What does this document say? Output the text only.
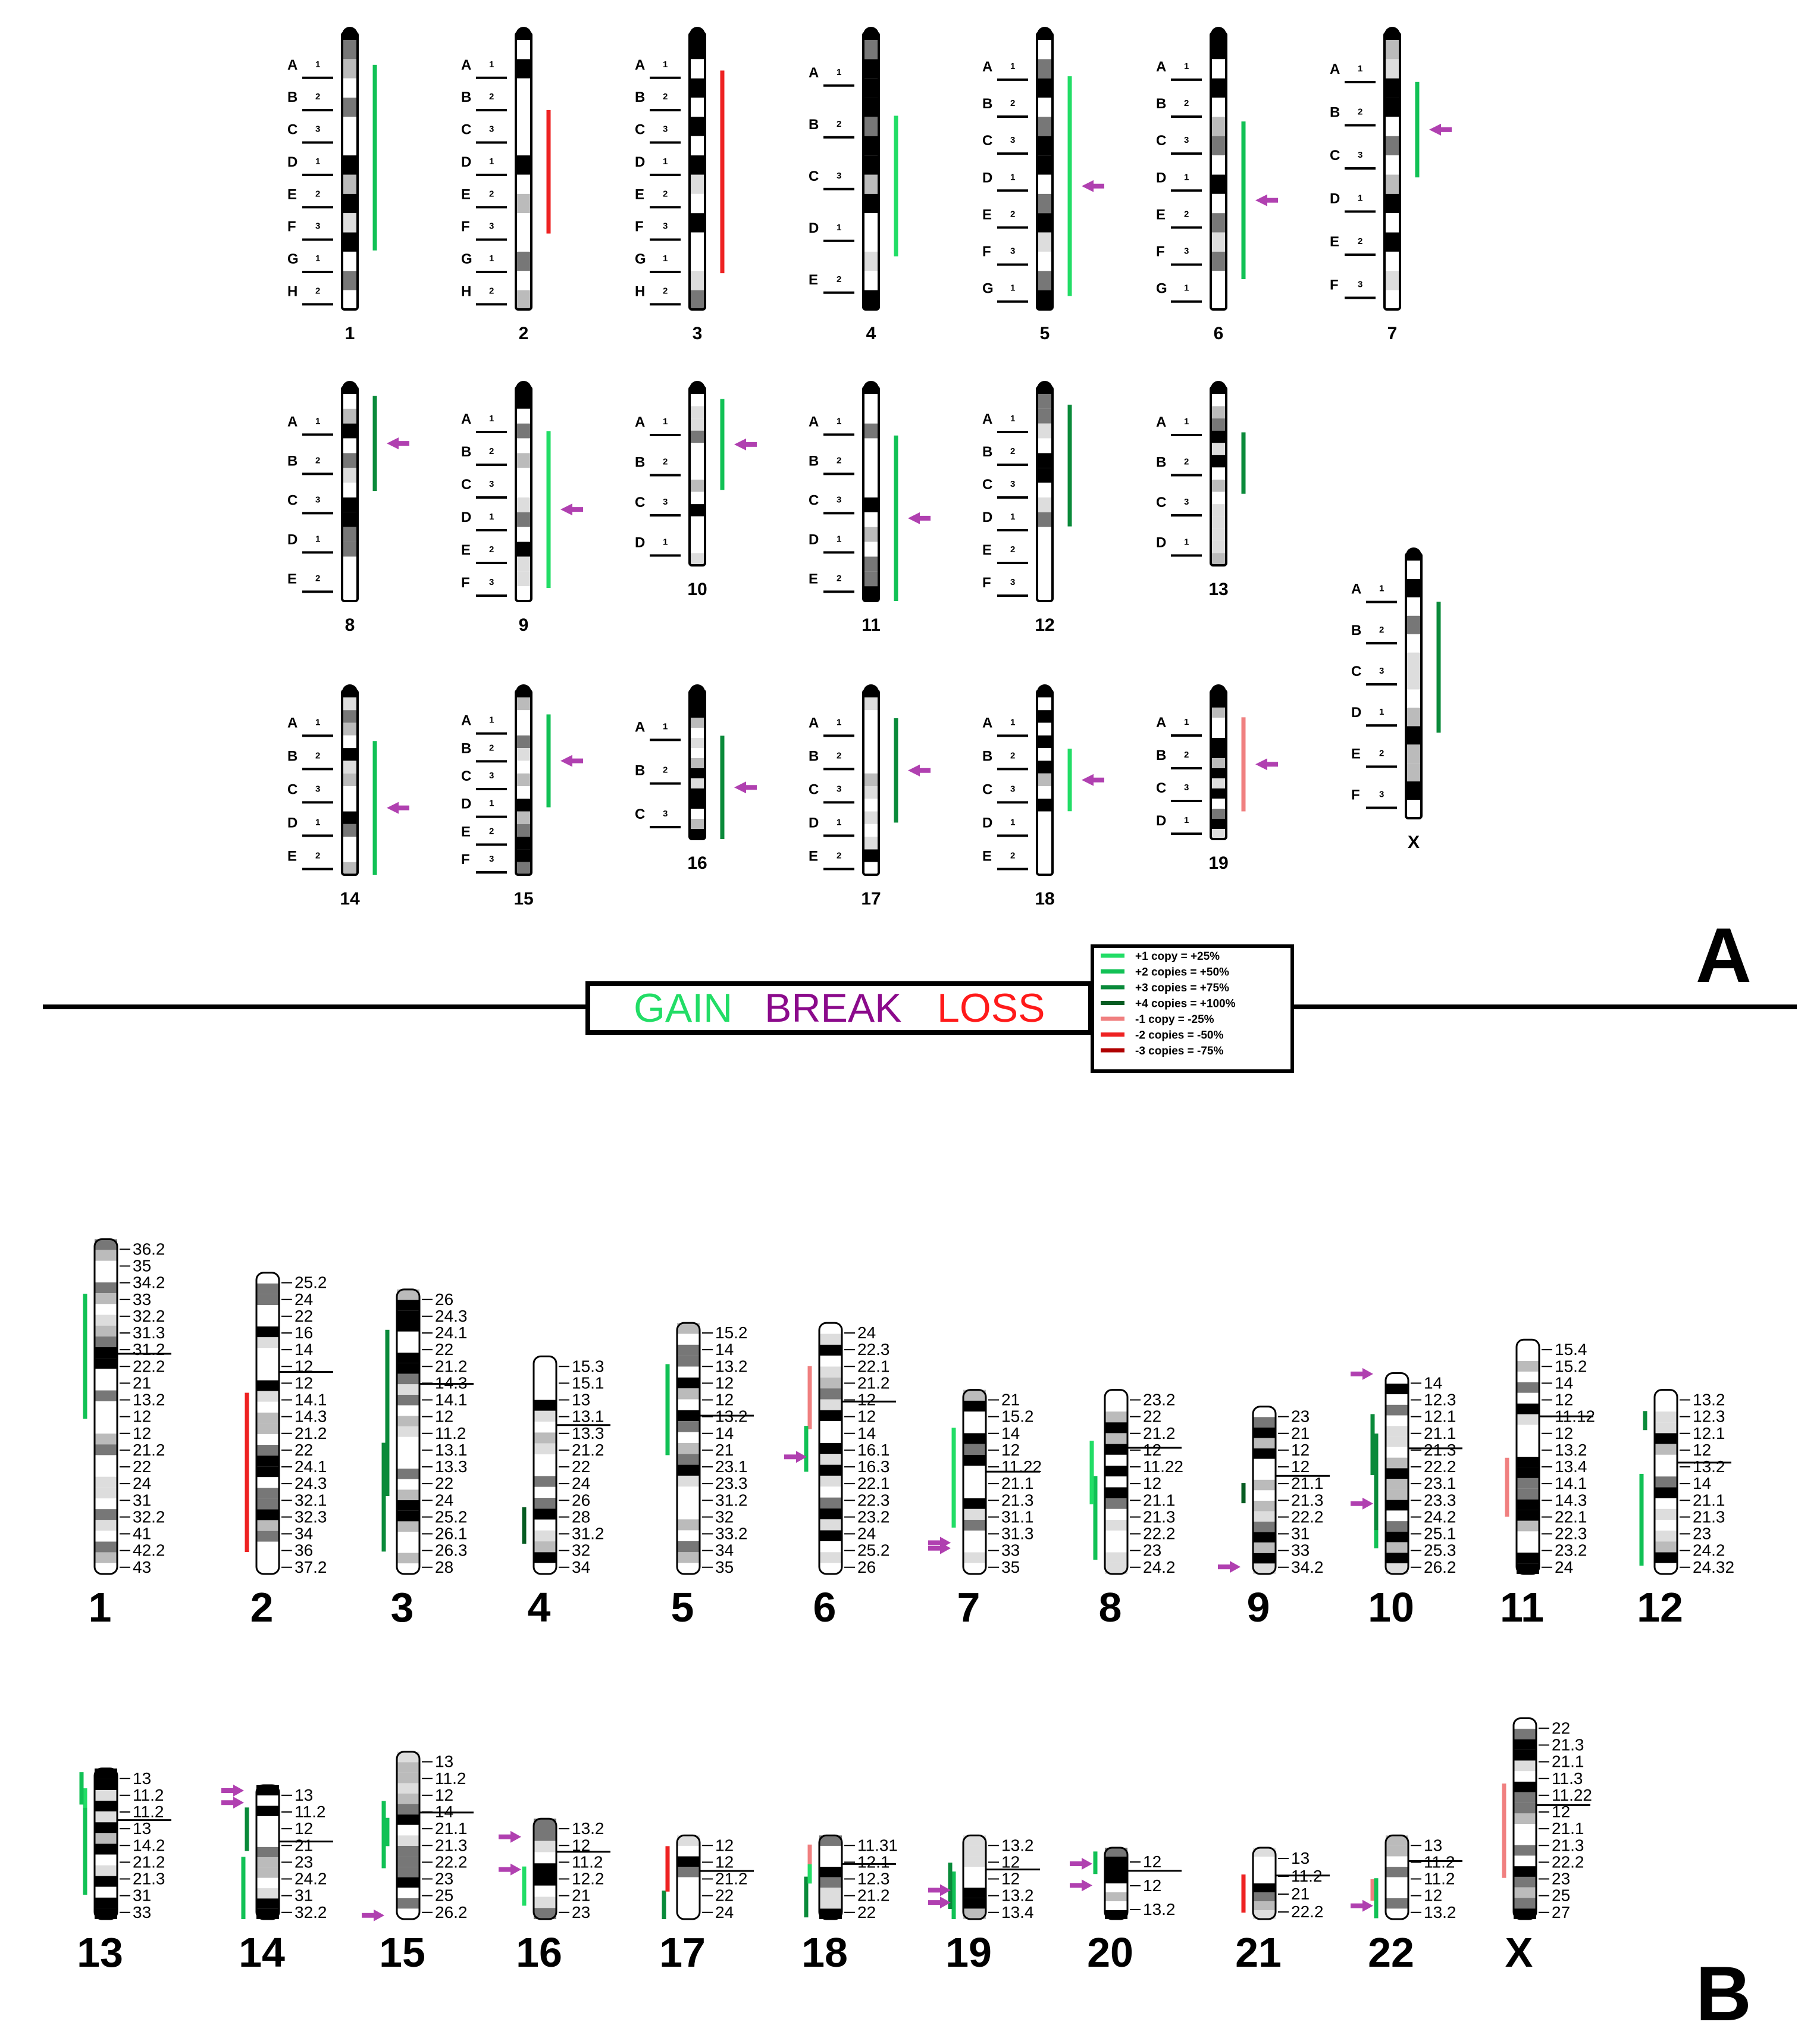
A 1
B 2
C 3
D 1
E 2
F 3
G 1
H 2
1
A 1
B 2
C 3
D 1
E 2
F 3
G 1
H 2
2
A 1
B 2
C 3
D 1
E 2
F 3
G 1
H 2
3
A 1
B 2
C 3
D 1
E 2
4
A 1
B 2
C 3
D 1
E 2
F 3
G 1
5
A 1
B 2
C 3
D 1
E 2
F 3
G 1
6
A 1
B 2
C 3
D 1
E 2
F 3
7
A 1
B 2
C 3
D 1
E 2
8
A 1
B 2
C 3
D 1
E 2
F 3
9
A 1
B 2
C 3
D 1
10
A 1
B 2
C 3
D 1
E 2
11
A 1
B 2
C 3
D 1
E 2
F 3
12
A 1
B 2
C 3
D 1
13
A 1
B 2
C 3
D 1
E 2
14
A 1
B 2
C 3
D 1
E 2
F 3
15
A 1
B 2
C 3
16
A 1
B 2
C 3
D 1
E 2
17
A 1
B 2
C 3
D 1
E 2
18
A 1
B 2
C 3
D 1
19
A 1
B 2
C 3
D 1
E 2
F 3
X
36.2
35
34.2
33
32.2
31.3
31.2
22.2
21
13.2
12
12
21.2
22
24
31
32.2
41
42.2
43
1
25.2
24
22
16
14
12
12
14.1
14.3
21.2
22
24.1
24.3
32.1
32.3
34
36
37.2
2
26
24.3
24.1
22
21.2
14.3
14.1
12
11.2
13.1
13.3
22
24
25.2
26.1
26.3
28
3
15.3
15.1
13
13.1
13.3
21.2
22
24
26
28
31.2
32
34
4
15.2
14
13.2
12
12
13.2
14
21
23.1
23.3
31.2
32
33.2
34
35
5
24
22.3
22.1
21.2
12
12
14
16.1
16.3
22.1
22.3
23.2
24
25.2
26
6
21
15.2
14
12
11.22
21.1
21.3
31.1
31.3
33
35
7
23.2
22
21.2
12
11.22
12
21.1
21.3
22.2
23
24.2
8
23
21
12
12
21.1
21.3
22.2
31
33
34.2
9
14
12.3
12.1
21.1
21.3
22.2
23.1
23.3
24.2
25.1
25.3
26.2
10
15.4
15.2
14
12
11.12
12
13.2
13.4
14.1
14.3
22.1
22.3
23.2
24
11
13.2
12.3
12.1
12
13.2
14
21.1
21.3
23
24.2
24.32
12
13
11.2
11.2
13
14.2
21.2
21.3
31
33
13
13
11.2
12
21
23
24.2
31
32.2
14
13
11.2
12
14
21.1
21.3
22.2
23
25
26.2
15
13.2
12
11.2
12.2
21
23
16
12
12
21.2
22
24
17
11.31
12.1
12.3
21.2
22
18
13.2
12
12
13.2
13.4
19
12
12
13.2
20
13
11.2
21
22.2
21
13
11.2
11.2
12
13.2
22
22
21.3
21.1
11.3
11.22
12
21.1
21.3
22.2
23
25
27
X
GAIN BREAK LOSS
+1 copy = +25%
+2 copies = +50%
+3 copies = +75%
+4 copies = +100%
-1 copy = -25%
-2 copies = -50%
-3 copies = -75%
A
B
